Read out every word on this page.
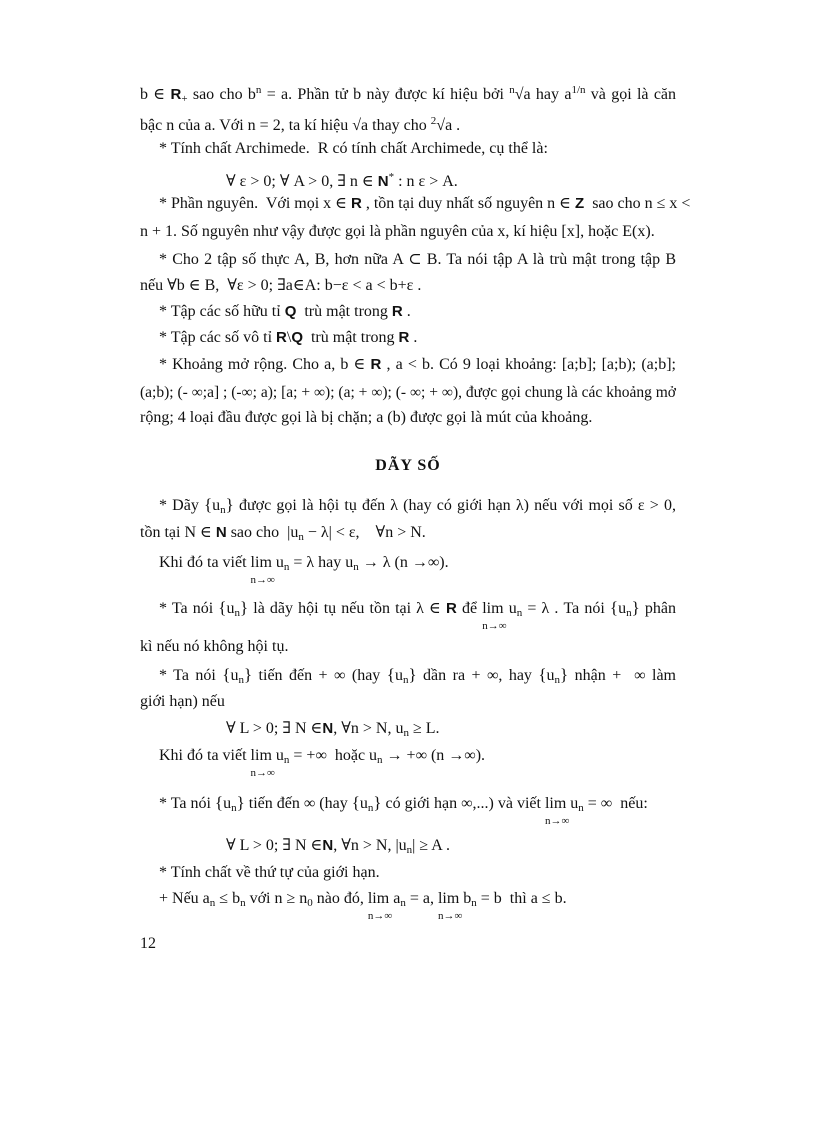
b ∈ $R_+$ sao cho $b^n = a$. Phần tử b này được kí hiệu bởi $^n$√a hay $a^{1/n}$ và gọi là căn
bậc n của a. Với n = 2, ta kí hiệu √a thay cho $^2$√a .
* Tính chất Archimede.  R có tính chất Archimede, cụ thể là:
∀ ε > 0; ∀ A > 0, ∃ n ∈ N* : n ε > A.
* Phần nguyên.  Với mọi x ∈ R , tồn tại duy nhất số nguyên n ∈ Z  sao cho n ≤ x <
n + 1. Số nguyên như vậy được gọi là phần nguyên của x, kí hiệu [x], hoặc E(x).
* Cho 2 tập số thực A, B, hơn nữa A ⊂ B. Ta nói tập A là trù mật trong tập B
nếu ∀b ∈ B,  ∀ε > 0; ∃a∈A: b−ε < a < b+ε .
* Tập các số hữu tỉ Q  trù mật trong R .
* Tập các số vô tỉ R\Q  trù mật trong R .
* Khoảng mở rộng. Cho a, b ∈ R , a < b. Có 9 loại khoảng: [a;b]; [a;b); (a;b];
(a;b); (- ∞;a] ; (-∞; a); [a; + ∞); (a; + ∞); (- ∞; + ∞), được gọi chung là các khoảng mở
rộng; 4 loại đầu được gọi là bị chặn; a (b) được gọi là mút của khoảng.
DÃY SỐ
* Dãy $\{u_n\}$ được gọi là hội tụ đến λ (hay có giới hạn λ) nếu với mọi số ε > 0,
tồn tại N ∈ N sao cho  $|u_n - \lambda| < \varepsilon$,    ∀n > N.
Khi đó ta viết lim
n→∞
$u_n = \lambda$ hay $u_n \to \lambda$ (n →∞).
* Ta nói $\{u_n\}$ là dãy hội tụ nếu tồn tại λ ∈ R để lim
n→∞
$u_n = \lambda$ . Ta nói $\{u_n\}$ phân
kì nếu nó không hội tụ.
* Ta nói $\{u_n\}$ tiến đến + ∞ (hay $\{u_n\}$ dần ra + ∞, hay $\{u_n\}$ nhận +  ∞ làm
giới hạn) nếu
∀ L > 0; ∃ N ∈N, ∀n > N, $u_n \ge L$.
Khi đó ta viết lim
n→∞
$u_n$ = +∞  hoặc $u_n$ → +∞ (n →∞).
* Ta nói $\{u_n\}$ tiến đến ∞ (hay $\{u_n\}$ có giới hạn ∞,...) và viết lim
n→∞
$u_n$ = ∞  nếu:
∀ L > 0; ∃ N ∈N, ∀n > N, $|u_n| \ge A$ .
* Tính chất về thứ tự của giới hạn.
+ Nếu $a_n \le b_n$ với $n \ge n_0$ nào đó, lim
n→∞
$a_n = a$, lim
n→∞
$b_n = b$  thì a ≤ b.
12
